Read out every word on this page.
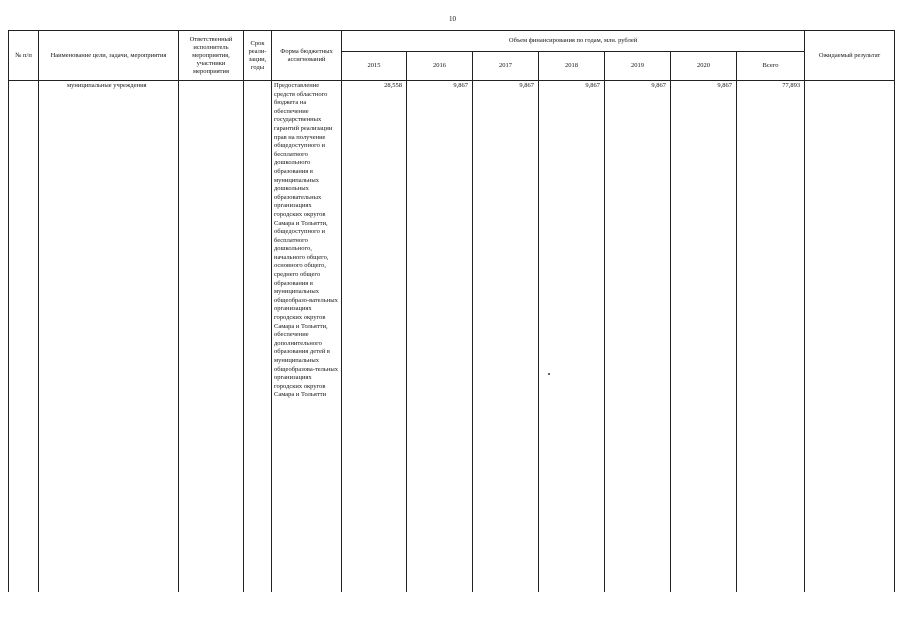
10
№ п/п	Наименование цели, задачи, мероприятия	Ответственный исполнитель мероприятия, участники мероприятия	Срок реали-зации, годы	Форма бюджетных ассигнований	Объем финансирования по годам, млн. рублей							Ожидаемый результат
					2015	2016	2017	2018	2019	2020	Всего	
	муниципальные учреждения			Предоставление средств областного бюджета на обеспечение государственных гарантий реализации прав на получение общедоступного и бесплатного дошкольного образования в муниципальных дошкольных образовательных организациях городских округов Самара и Тольятти, общедоступного и бесплатного дошкольного, начального общего, основного общего, среднего общего образования в муниципальных общеобразо-вательных организациях городских округов Самара и Тольятти, обеспечение дополнительного образования детей в муниципальных общеобразова-тельных организациях городских округов Самара и Тольятти	28,558	9,867	9,867	9,867	9,867	9,867	77,893	
